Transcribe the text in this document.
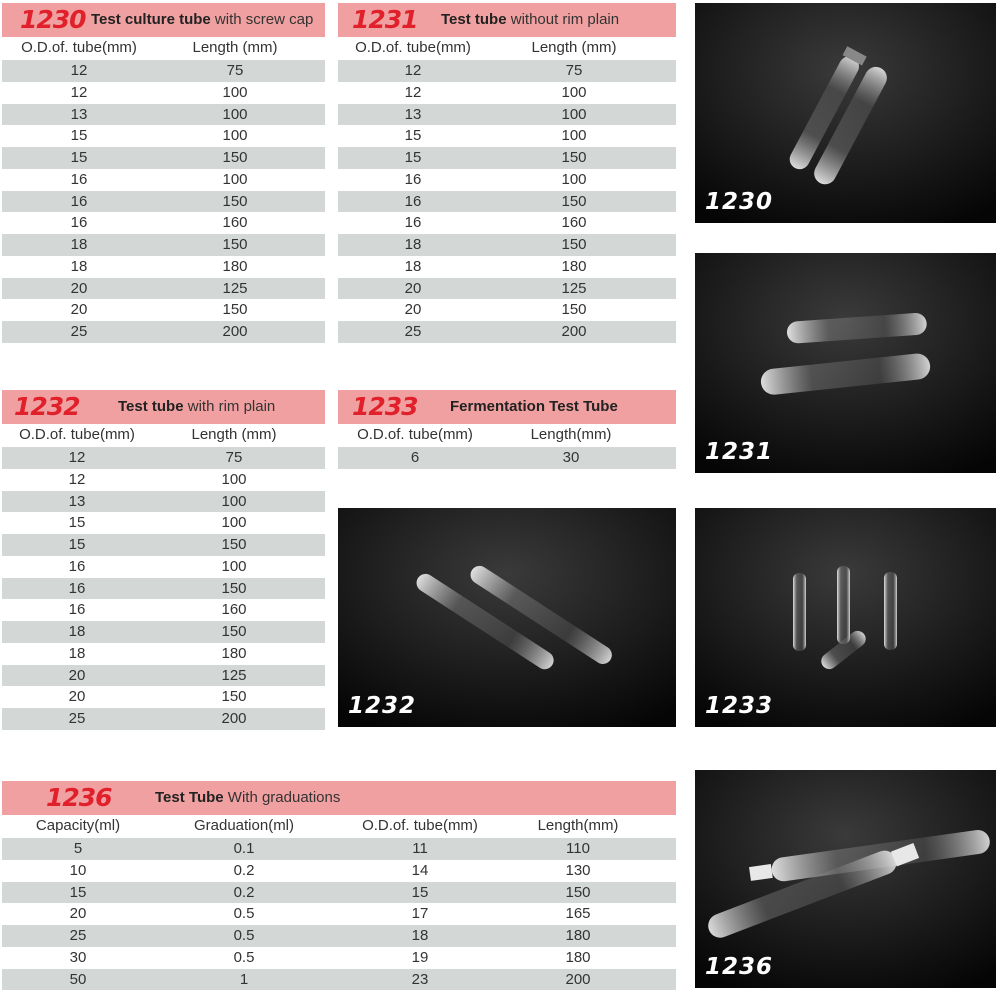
1230 Test culture tube with screw cap
O.D.of. tube(mm)	Length (mm)
12	75
12	100
13	100
15	100
15	150
16	100
16	150
16	160
18	150
18	180
20	125
20	150
25	200
1231 Test tube without rim plain
O.D.of. tube(mm)	Length (mm)
12	75
12	100
13	100
15	100
15	150
16	100
16	150
16	160
18	150
18	180
20	125
20	150
25	200
1232	Test tube with rim plain
O.D.of. tube(mm)	Length (mm)
12	75
12	100
13	100
15	100
15	150
16	100
16	150
16	160
18	150
18	180
20	125
20	150
25	200
1233 Fermentation Test Tube
O.D.of. tube(mm)	Length(mm)
6	30
1236	Test Tube With graduations
Capacity(ml)	Graduation(ml)	O.D.of. tube(mm)	Length(mm)
5	0.1	11	110
10	0.2	14	130
15	0.2	15	150
20	0.5	17	165
25	0.5	18	180
30	0.5	19	180
50	1	23	200
1230
1231
1232	1233
1236
